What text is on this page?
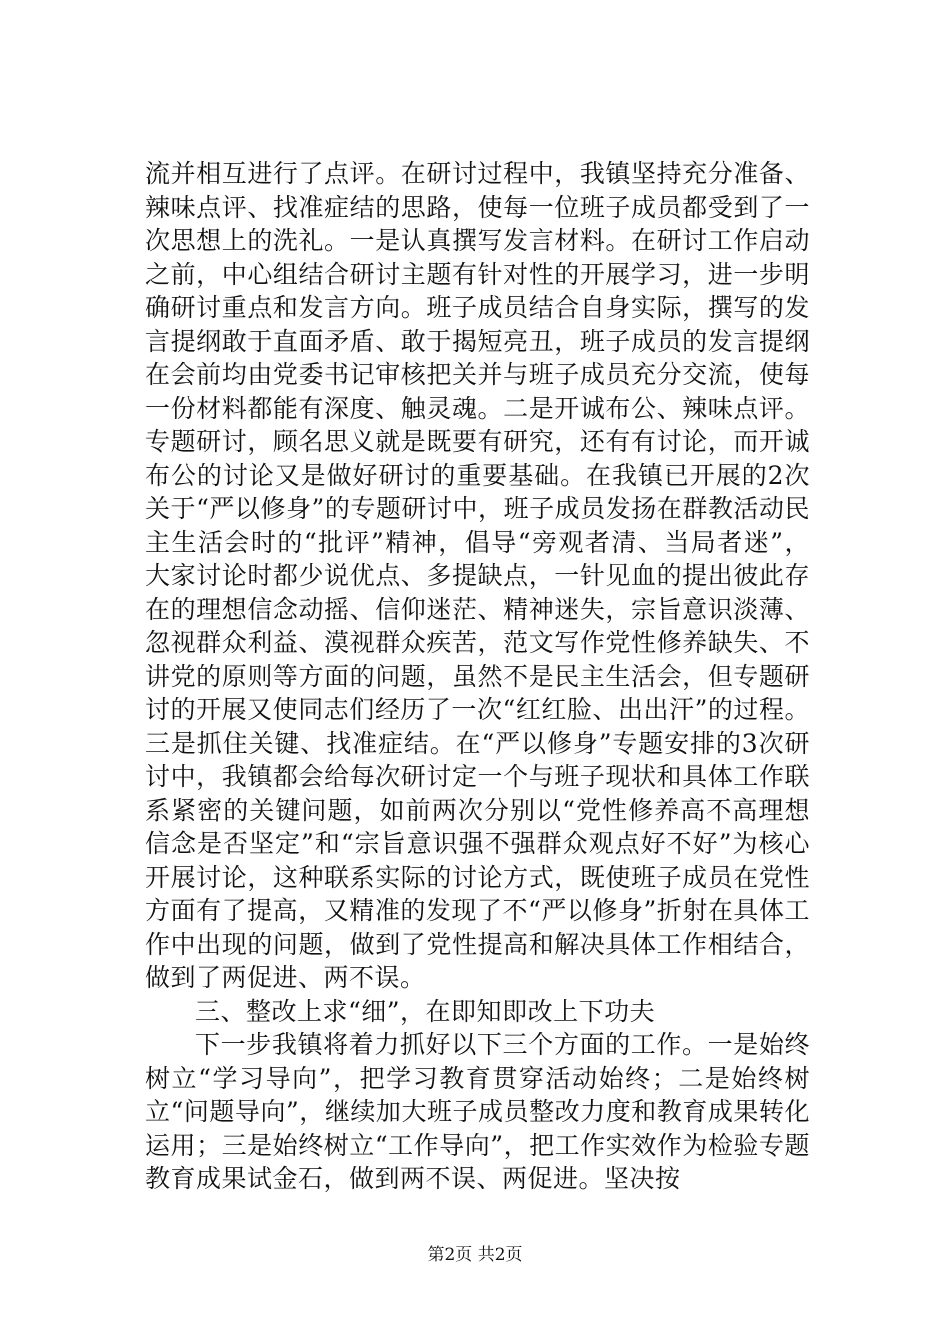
流并相互进行了点评。在研讨过程中，我镇坚持充分准备、辣味点评、找准症结的思路，使每一位班子成员都受到了一次思想上的洗礼。一是认真撰写发言材料。在研讨工作启动之前，中心组结合研讨主题有针对性的开展学习，进一步明确研讨重点和发言方向。班子成员结合自身实际，撰写的发言提纲敢于直面矛盾、敢于揭短亮丑，班子成员的发言提纲在会前均由党委书记审核把关并与班子成员充分交流，使每一份材料都能有深度、触灵魂。二是开诚布公、辣味点评。专题研讨，顾名思义就是既要有研究，还有有讨论，而开诚布公的讨论又是做好研讨的重要基础。在我镇已开展的2次关于“严以修身”的专题研讨中，班子成员发扬在群教活动民主生活会时的“批评”精神，倡导“旁观者清、当局者迷”，大家讨论时都少说优点、多提缺点，一针见血的提出彼此存在的理想信念动摇、信仰迷茫、精神迷失，宗旨意识淡薄、忽视群众利益、漠视群众疾苦，范文写作党性修养缺失、不讲党的原则等方面的问题，虽然不是民主生活会，但专题研讨的开展又使同志们经历了一次“红红脸、出出汗”的过程。三是抓住关键、找准症结。在“严以修身”专题安排的3次研讨中，我镇都会给每次研讨定一个与班子现状和具体工作联系紧密的关键问题，如前两次分别以“党性修养高不高理想信念是否坚定”和“宗旨意识强不强群众观点好不好”为核心开展讨论，这种联系实际的讨论方式，既使班子成员在党性方面有了提高，又精准的发现了不“严以修身”折射在具体工作中出现的问题，做到了党性提高和解决具体工作相结合，做到了两促进、两不误。

三、整改上求“细”，在即知即改上下功夫

下一步我镇将着力抓好以下三个方面的工作。一是始终树立“学习导向”，把学习教育贯穿活动始终；二是始终树立“问题导向”，继续加大班子成员整改力度和教育成果转化运用；三是始终树立“工作导向”，把工作实效作为检验专题教育成果试金石，做到两不误、两促进。坚决按

第2页 共2页
